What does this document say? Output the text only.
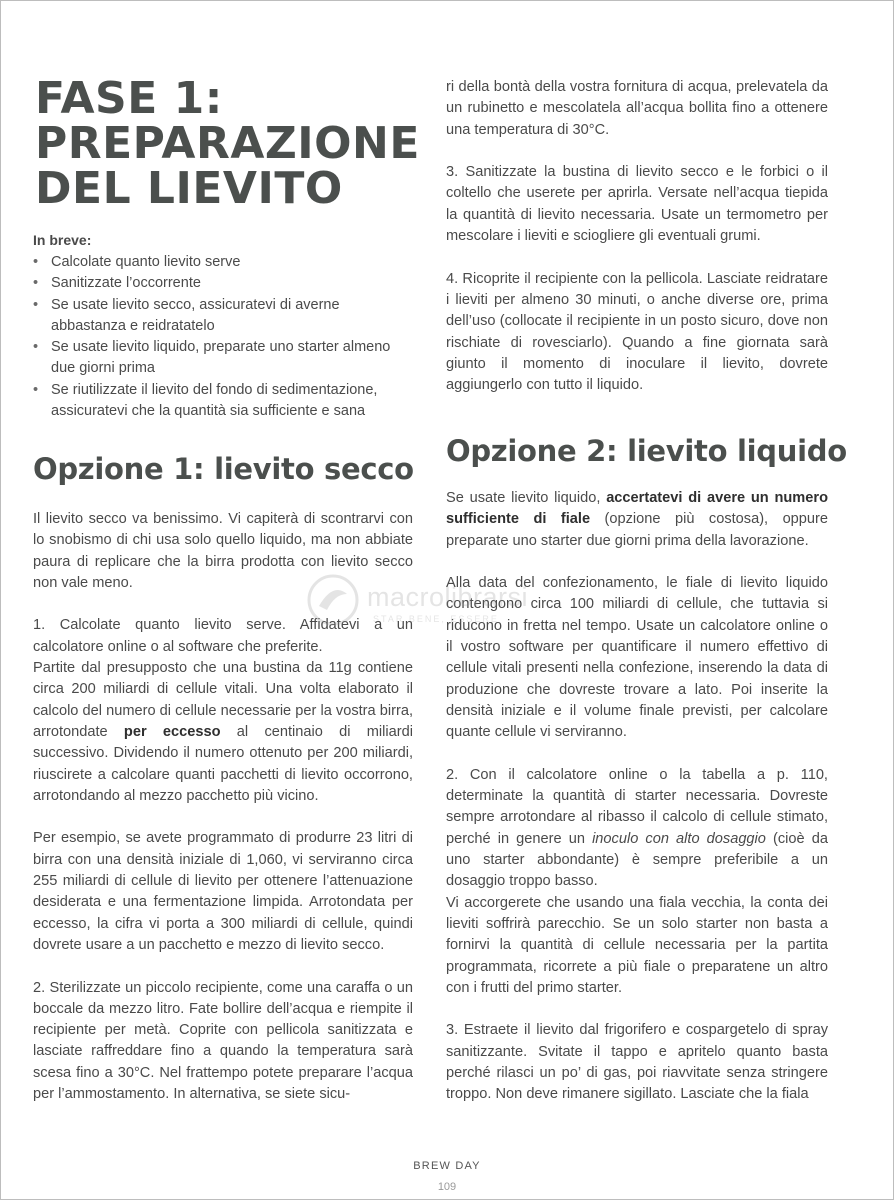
FASE 1:
PREPARAZIONE
DEL LIEVITO
In breve:
• Calcolate quanto lievito serve
• Sanitizzate l’occorrente
• Se usate lievito secco, assicuratevi di averne abbastanza e reidratatelo
• Se usate lievito liquido, preparate uno starter almeno due giorni prima
• Se riutilizzate il lievito del fondo di sedimentazione, assicuratevi che la quantità sia sufficiente e sana
Opzione 1: lievito secco

Il lievito secco va benissimo. Vi capiterà di scontrarvi con lo snobismo di chi usa solo quello liquido, ma non abbiate paura di replicare che la birra prodotta con lievito secco non vale meno.

1. Calcolate quanto lievito serve. Affidatevi a un calcolatore online o al software che preferite.

Partite dal presupposto che una bustina da 11g contiene circa 200 miliardi di cellule vitali. Una volta elaborato il calcolo del numero di cellule necessarie per la vostra birra, arrotondate per eccesso al centinaio di miliardi successivo. Dividendo il numero ottenuto per 200 miliardi, riuscirete a calcolare quanti pacchetti di lievito occorrono, arrotondando al mezzo pacchetto più vicino.

Per esempio, se avete programmato di produrre 23 litri di birra con una densità iniziale di 1,060, vi serviranno circa 255 miliardi di cellule di lievito per ottenere l’attenuazione desiderata e una fermentazione limpida. Arrotondata per eccesso, la cifra vi porta a 300 miliardi di cellule, quindi dovrete usare a un pacchetto e mezzo di lievito secco.

2. Sterilizzate un piccolo recipiente, come una caraffa o un boccale da mezzo litro. Fate bollire dell’acqua e riempite il recipiente per metà. Coprite con pellicola sanitizzata e lasciate raffreddare fino a quando la temperatura sarà scesa fino a 30°C. Nel frattempo potete preparare l’acqua per l’ammostamento. In alternativa, se siete sicu-

ri della bontà della vostra fornitura di acqua, prelevatela da un rubinetto e mescolatela all’acqua bollita fino a ottenere una temperatura di 30°C.

3. Sanitizzate la bustina di lievito secco e le forbici o il coltello che userete per aprirla. Versate nell’acqua tiepida la quantità di lievito necessaria. Usate un termometro per mescolare i lieviti e sciogliere gli eventuali grumi.

4. Ricoprite il recipiente con la pellicola. Lasciate reidratare i lieviti per almeno 30 minuti, o anche diverse ore, prima dell’uso (collocate il recipiente in un posto sicuro, dove non rischiate di rovesciarlo). Quando a fine giornata sarà giunto il momento di inoculare il lievito, dovrete aggiungerlo con tutto il liquido.

Opzione 2: lievito liquido

Se usate lievito liquido, accertatevi di avere un numero sufficiente di fiale (opzione più costosa), oppure preparate uno starter due giorni prima della lavorazione.

Alla data del confezionamento, le fiale di lievito liquido contengono circa 100 miliardi di cellule, che tuttavia si riducono in fretta nel tempo. Usate un calcolatore online o il vostro software per quantificare il numero effettivo di cellule vitali presenti nella confezione, inserendo la data di produzione che dovreste trovare a lato. Poi inserite la densità iniziale e il volume finale previsti, per calcolare quante cellule vi serviranno.

2. Con il calcolatore online o la tabella a p. 110, determinate la quantità di starter necessaria. Dovreste sempre arrotondare al ribasso il calcolo di cellule stimato, perché in genere un inoculo con alto dosaggio (cioè da uno starter abbondante) è sempre preferibile a un dosaggio troppo basso.

Vi accorgerete che usando una fiala vecchia, la conta dei lieviti soffrirà parecchio. Se un solo starter non basta a fornirvi la quantità di cellule necessaria per la partita programmata, ricorrete a più fiale o preparatene un altro con i frutti del primo starter.

3. Estraete il lievito dal frigorifero e cospargetelo di spray sanitizzante. Svitate il tappo e apritelo quanto basta perché rilasci un po’ di gas, poi riavvitate senza stringere troppo. Non deve rimanere sigillato. Lasciate che la fiala

macrolibrarsi
STAR BENE, ESSERE
BREW DAY
109
